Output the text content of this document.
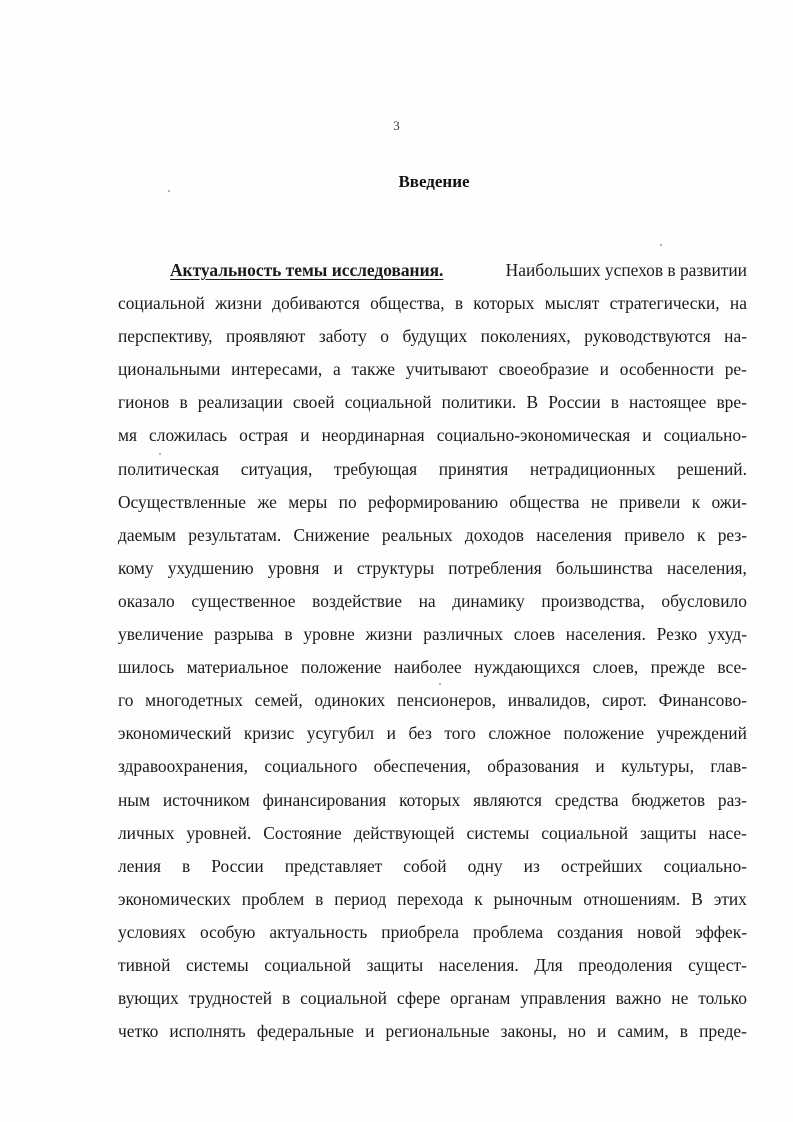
3
Введение
Актуальность темы исследования.	Наибольших успехов в развитии
социальной жизни добиваются общества, в которых мыслят стратегически, на
перспективу, проявляют заботу о будущих поколениях, руководствуются на-
циональными интересами, а также учитывают своеобразие и особенности ре-
гионов в реализации своей социальной политики. В России в настоящее вре-
мя сложилась острая и неординарная социально-экономическая и социально-
политическая ситуация, требующая принятия нетрадиционных решений.
Осуществленные же меры по реформированию общества не привели к ожи-
даемым результатам. Снижение реальных доходов населения привело к рез-
кому ухудшению уровня и структуры потребления большинства населения,
оказало существенное воздействие на динамику производства, обусловило
увеличение разрыва в уровне жизни различных слоев населения. Резко ухуд-
шилось материальное положение наиболее нуждающихся слоев, прежде все-
го многодетных семей, одиноких пенсионеров, инвалидов, сирот. Финансово-
экономический кризис усугубил и без того сложное положение учреждений
здравоохранения, социального обеспечения, образования и культуры, глав-
ным источником финансирования которых являются средства бюджетов раз-
личных уровней. Состояние действующей системы социальной защиты насе-
ления в России представляет собой одну из острейших социально-
экономических проблем в период перехода к рыночным отношениям. В этих
условиях особую актуальность приобрела проблема создания новой эффек-
тивной системы социальной защиты населения. Для преодоления сущест-
вующих трудностей в социальной сфере органам управления важно не только
четко исполнять федеральные и региональные законы, но и самим, в преде-
